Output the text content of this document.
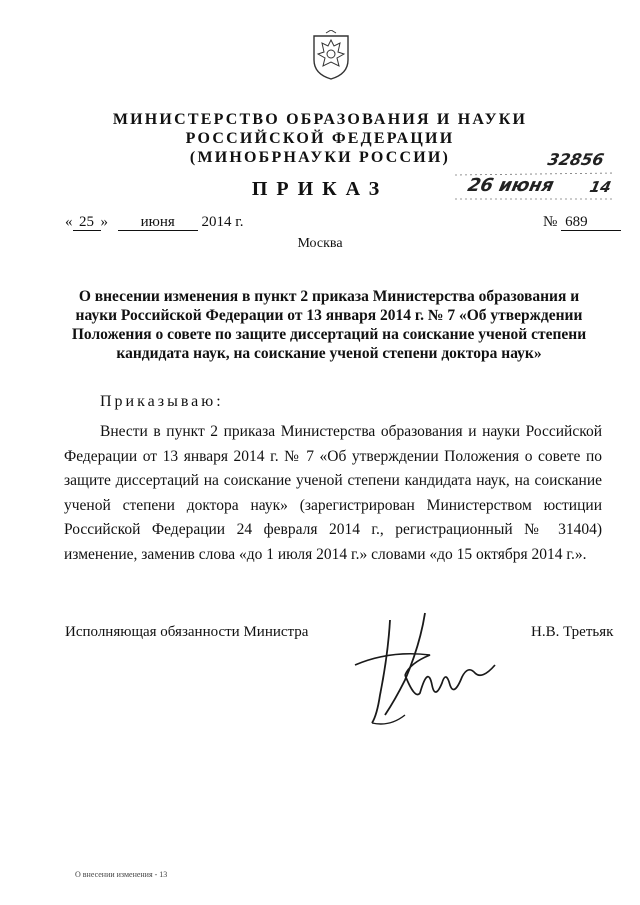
МИНИСТЕРСТВО ОБРАЗОВАНИЯ И НАУКИ
РОССИЙСКОЙ ФЕДЕРАЦИИ
(МИНОБРНАУКИ РОССИИ)
ПРИКАЗ
32856
26 июня 14
« 25 » июня 2014 г.	№ 689
Москва
О внесении изменения в пункт 2 приказа Министерства образования и науки Российской Федерации от 13 января 2014 г. № 7 «Об утверждении Положения о совете по защите диссертаций на соискание ученой степени кандидата наук, на соискание ученой степени доктора наук»
Приказываю:
Внести в пункт 2 приказа Министерства образования и науки Российской Федерации от 13 января 2014 г. № 7 «Об утверждении Положения о совете по защите диссертаций на соискание ученой степени кандидата наук, на соискание ученой степени доктора наук» (зарегистрирован Министерством юстиции Российской Федерации 24 февраля 2014 г., регистрационный № 31404) изменение, заменив слова «до 1 июля 2014 г.» словами «до 15 октября 2014 г.».
Исполняющая обязанности Министра	Н.В. Третьяк
О внесении изменения - 13
